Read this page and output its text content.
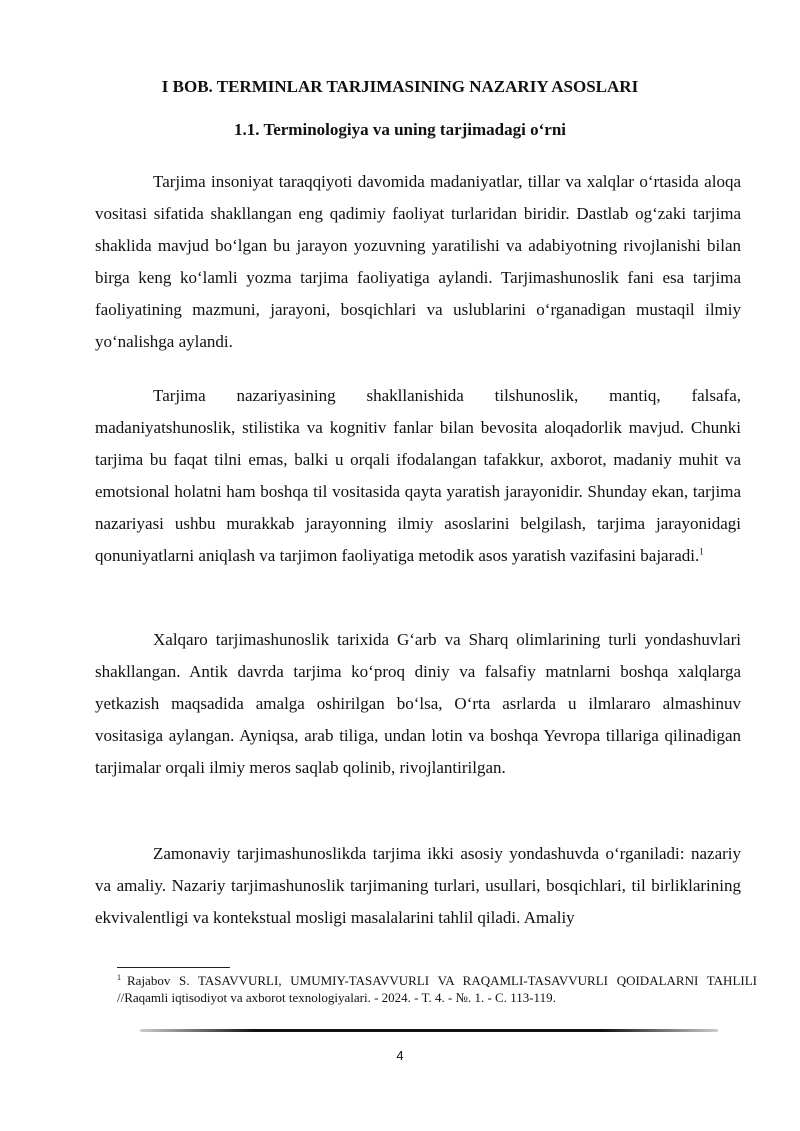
I BOB. TERMINLAR TARJIMASINING NAZARIY ASOSLARI
1.1. Terminologiya va uning tarjimadagi o‘rni

Tarjima insoniyat taraqqiyoti davomida madaniyatlar, tillar va xalqlar o‘rtasida aloqa vositasi sifatida shakllangan eng qadimiy faoliyat turlaridan biridir. Dastlab og‘zaki tarjima shaklida mavjud bo‘lgan bu jarayon yozuvning yaratilishi va adabiyotning rivojlanishi bilan birga keng ko‘lamli yozma tarjima faoliyatiga aylandi. Tarjimashunoslik fani esa tarjima faoliyatining mazmuni, jarayoni, bosqichlari va uslublarini o‘rganadigan mustaqil ilmiy yo‘nalishga aylandi.

Tarjima nazariyasining shakllanishida tilshunoslik, mantiq, falsafa, madaniyatshunoslik, stilistika va kognitiv fanlar bilan bevosita aloqadorlik mavjud. Chunki tarjima bu faqat tilni emas, balki u orqali ifodalangan tafakkur, axborot, madaniy muhit va emotsional holatni ham boshqa til vositasida qayta yaratish jarayonidir. Shunday ekan, tarjima nazariyasi ushbu murakkab jarayonning ilmiy asoslarini belgilash, tarjima jarayonidagi qonuniyatlarni aniqlash va tarjimon faoliyatiga metodik asos yaratish vazifasini bajaradi.$^1$

Xalqaro tarjimashunoslik tarixida G‘arb va Sharq olimlarining turli yondashuvlari shakllangan. Antik davrda tarjima ko‘proq diniy va falsafiy matnlarni boshqa xalqlarga yetkazish maqsadida amalga oshirilgan bo‘lsa, O‘rta asrlarda u ilmlararo almashinuv vositasiga aylangan. Ayniqsa, arab tiliga, undan lotin va boshqa Yevropa tillariga qilinadigan tarjimalar orqali ilmiy meros saqlab qolinib, rivojlantirilgan.

Zamonaviy tarjimashunoslikda tarjima ikki asosiy yondashuvda o‘rganiladi: nazariy va amaliy. Nazariy tarjimashunoslik tarjimaning turlari, usullari, bosqichlari, til birliklarining ekvivalentligi va kontekstual mosligi masalalarini tahlil qiladi. Amaliy

$^1$ Rajabov S. TASAVVURLI, UMUMIY-TASAVVURLI VA RAQAMLI-TASAVVURLI QOIDALARNI TAHLILI //Raqamli iqtisodiyot va axborot texnologiyalari. - 2024. - T. 4. - №. 1. - C. 113-119.

4
